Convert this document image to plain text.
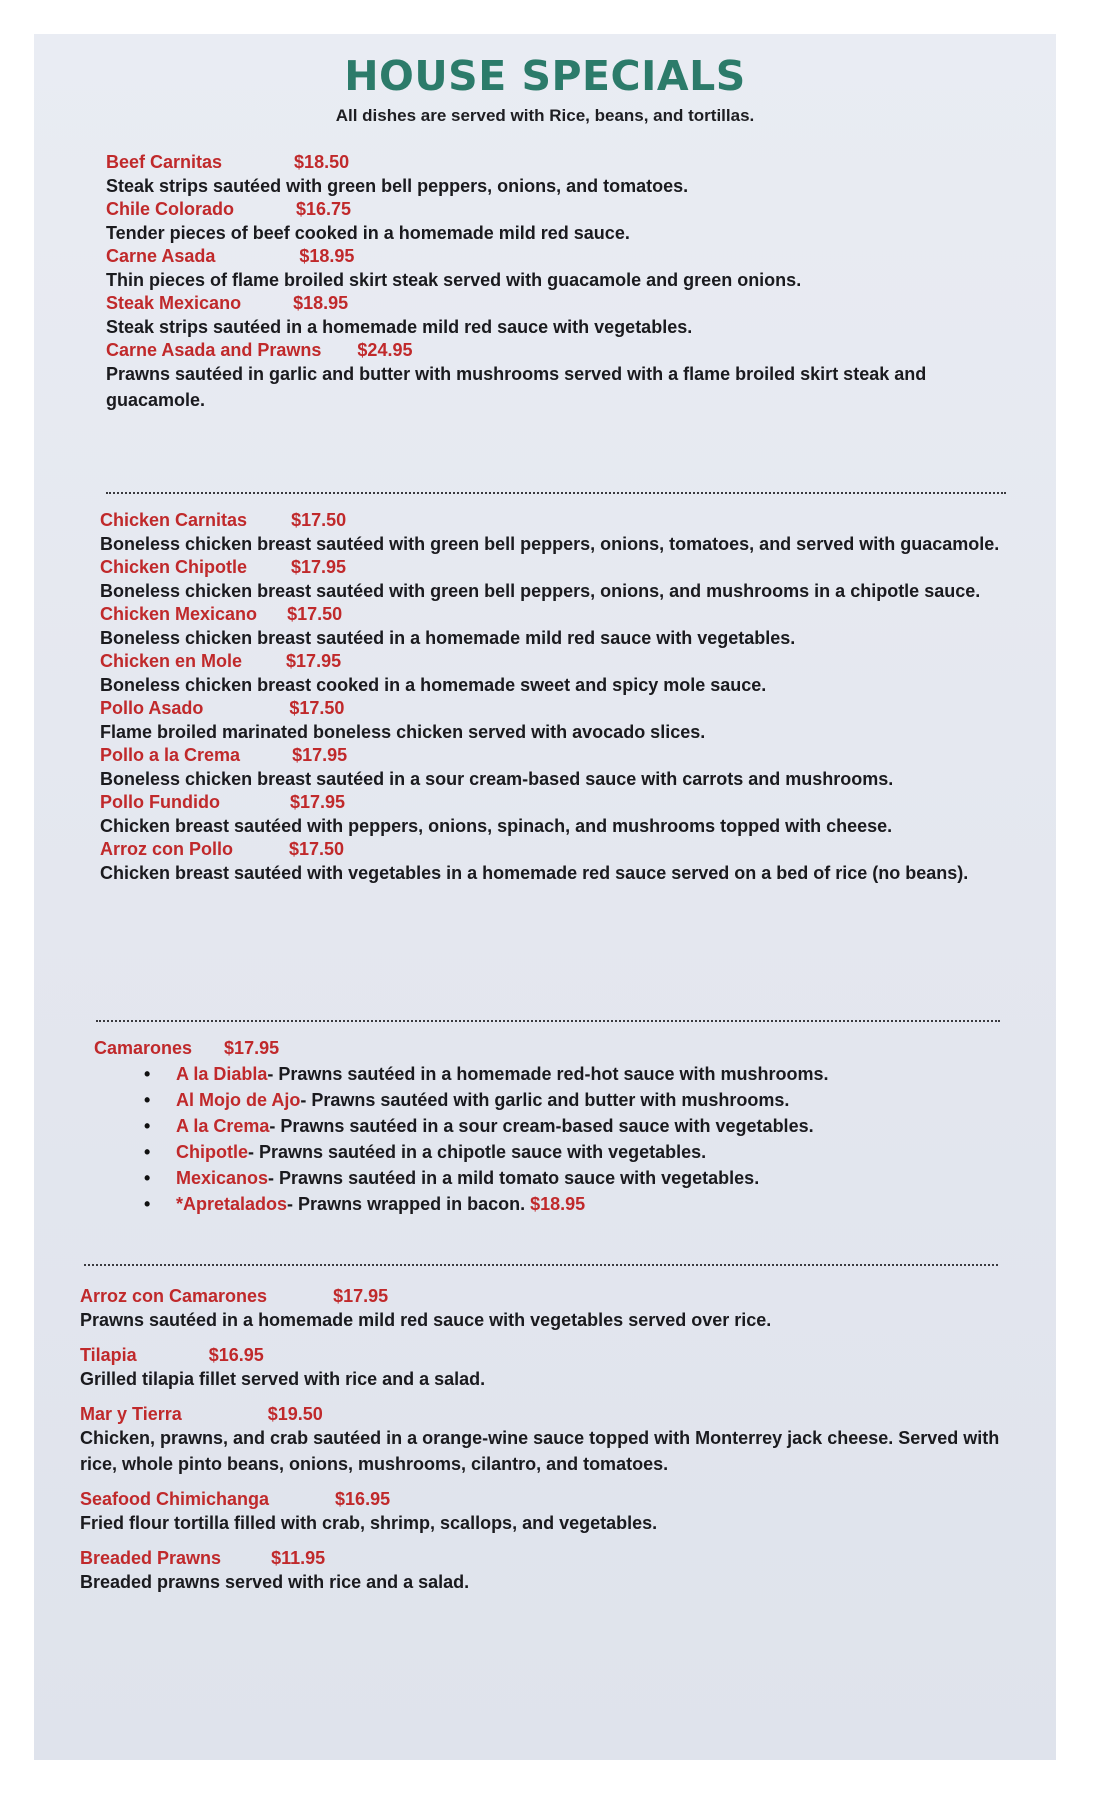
HOUSE SPECIALS
All dishes are served with Rice, beans, and tortillas.
Beef Carnitas	$18.50
Steak strips sautéed with green bell peppers, onions, and tomatoes.
Chile Colorado	$16.75
Tender pieces of beef cooked in a homemade mild red sauce.
Carne Asada	$18.95
Thin pieces of flame broiled skirt steak served with guacamole and green onions.
Steak Mexicano	$18.95
Steak strips sautéed in a homemade mild red sauce with vegetables.
Carne Asada and Prawns $24.95
Prawns sautéed in garlic and butter with mushrooms served with a flame broiled skirt steak and guacamole.
Chicken Carnitas $17.50
Boneless chicken breast sautéed with green bell peppers, onions, tomatoes, and served with guacamole.
Chicken Chipotle $17.95
Boneless chicken breast sautéed with green bell peppers, onions, and mushrooms in a chipotle sauce.
Chicken Mexicano $17.50
Boneless chicken breast sautéed in a homemade mild red sauce with vegetables.
Chicken en Mole $17.95
Boneless chicken breast cooked in a homemade sweet and spicy mole sauce.
Pollo Asado	$17.50
Flame broiled marinated boneless chicken served with avocado slices.
Pollo a la Crema	$17.95
Boneless chicken breast sautéed in a sour cream-based sauce with carrots and mushrooms.
Pollo Fundido	$17.95
Chicken breast sautéed with peppers, onions, spinach, and mushrooms topped with cheese.
Arroz con Pollo	$17.50
Chicken breast sautéed with vegetables in a homemade red sauce served on a bed of rice (no beans).
Camarones $17.95
• A la Diabla- Prawns sautéed in a homemade red-hot sauce with mushrooms.
• Al Mojo de Ajo- Prawns sautéed with garlic and butter with mushrooms.
• A la Crema- Prawns sautéed in a sour cream-based sauce with vegetables.
• Chipotle- Prawns sautéed in a chipotle sauce with vegetables.
• Mexicanos- Prawns sautéed in a mild tomato sauce with vegetables.
• *Apretalados- Prawns wrapped in bacon. $18.95
Arroz con Camarones	$17.95
Prawns sautéed in a homemade mild red sauce with vegetables served over rice.
Tilapia	$16.95
Grilled tilapia fillet served with rice and a salad.
Mar y Tierra	$19.50
Chicken, prawns, and crab sautéed in a orange-wine sauce topped with Monterrey jack cheese. Served with rice, whole pinto beans, onions, mushrooms, cilantro, and tomatoes.
Seafood Chimichanga	$16.95
Fried flour tortilla filled with crab, shrimp, scallops, and vegetables.
Breaded Prawns	$11.95
Breaded prawns served with rice and a salad.
